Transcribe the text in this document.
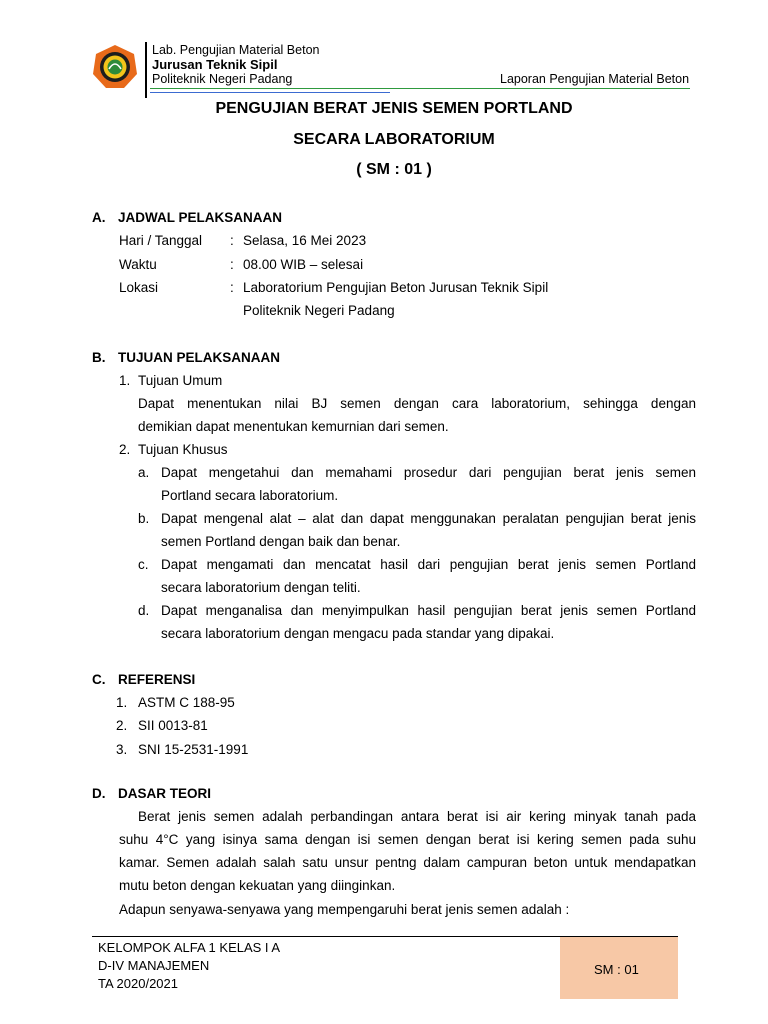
Lab. Pengujian Material Beton
Jurusan Teknik Sipil
Politeknik Negeri Padang	Laporan Pengujian Material Beton
PENGUJIAN BERAT JENIS SEMEN PORTLAND
SECARA LABORATORIUM
( SM : 01 )
A. JADWAL PELAKSANAAN
Hari / Tanggal : Selasa, 16 Mei 2023
Waktu	: 08.00 WIB – selesai
Lokasi	: Laboratorium Pengujian Beton Jurusan Teknik Sipil
Politeknik Negeri Padang
B. TUJUAN PELAKSANAAN
1. Tujuan Umum
Dapat menentukan nilai BJ semen dengan cara laboratorium, sehingga dengan
demikian dapat menentukan kemurnian dari semen.
2. Tujuan Khusus
a. Dapat mengetahui dan memahami prosedur dari pengujian berat jenis semen
Portland secara laboratorium.
b. Dapat mengenal alat – alat dan dapat menggunakan peralatan pengujian berat jenis
semen Portland dengan baik dan benar.
c. Dapat mengamati dan mencatat hasil dari pengujian berat jenis semen Portland
secara laboratorium dengan teliti.
d. Dapat menganalisa dan menyimpulkan hasil pengujian berat jenis semen Portland
secara laboratorium dengan mengacu pada standar yang dipakai.
C. REFERENSI
1. ASTM C 188-95
2. SII 0013-81
3. SNI 15-2531-1991
D. DASAR TEORI
Berat jenis semen adalah perbandingan antara berat isi air kering minyak tanah pada
suhu 4°C yang isinya sama dengan isi semen dengan berat isi kering semen pada suhu
kamar. Semen adalah salah satu unsur pentng dalam campuran beton untuk mendapatkan
mutu beton dengan kekuatan yang diinginkan.
Adapun senyawa-senyawa yang mempengaruhi berat jenis semen adalah :
KELOMPOK ALFA 1 KELAS I A
D-IV MANAJEMEN
TA 2020/2021
SM : 01
